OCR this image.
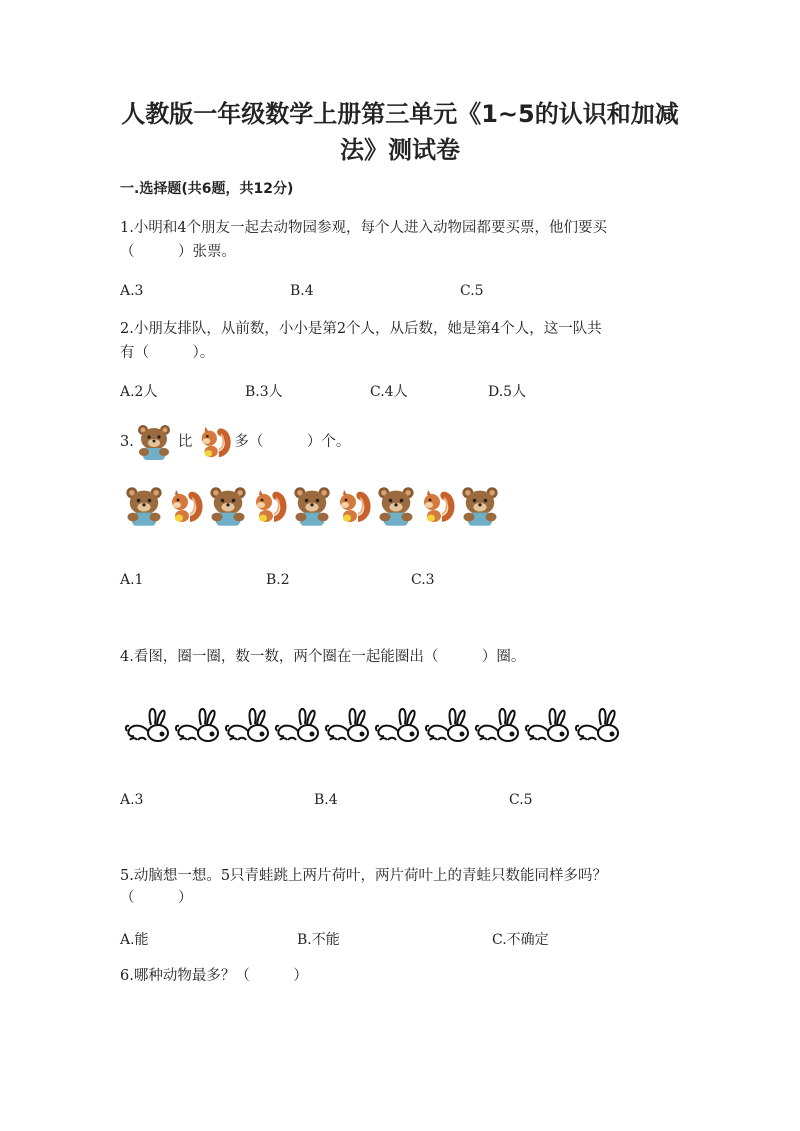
人教版一年级数学上册第三单元《1~5的认识和加减
法》测试卷
一.选择题(共6题，共12分)
1.小明和4个朋友一起去动物园参观，每个人进入动物园都要买票，他们要买
（　　　）张票。
A.3	B.4	C.5
2.小朋友排队，从前数，小小是第2个人，从后数，她是第4个人，这一队共
有（　　　）。
A.2人	B.3人	C.4人	D.5人
3.	比	多（　　　）个。
A.1	B.2	C.3
4.看图，圈一圈，数一数，两个圈在一起能圈出（　　　）圈。
A.3	B.4	C.5
5.动脑想一想。5只青蛙跳上两片荷叶，两片荷叶上的青蛙只数能同样多吗？
（　　　）
A.能	B.不能	C.不确定
6.哪种动物最多？（　　　）
